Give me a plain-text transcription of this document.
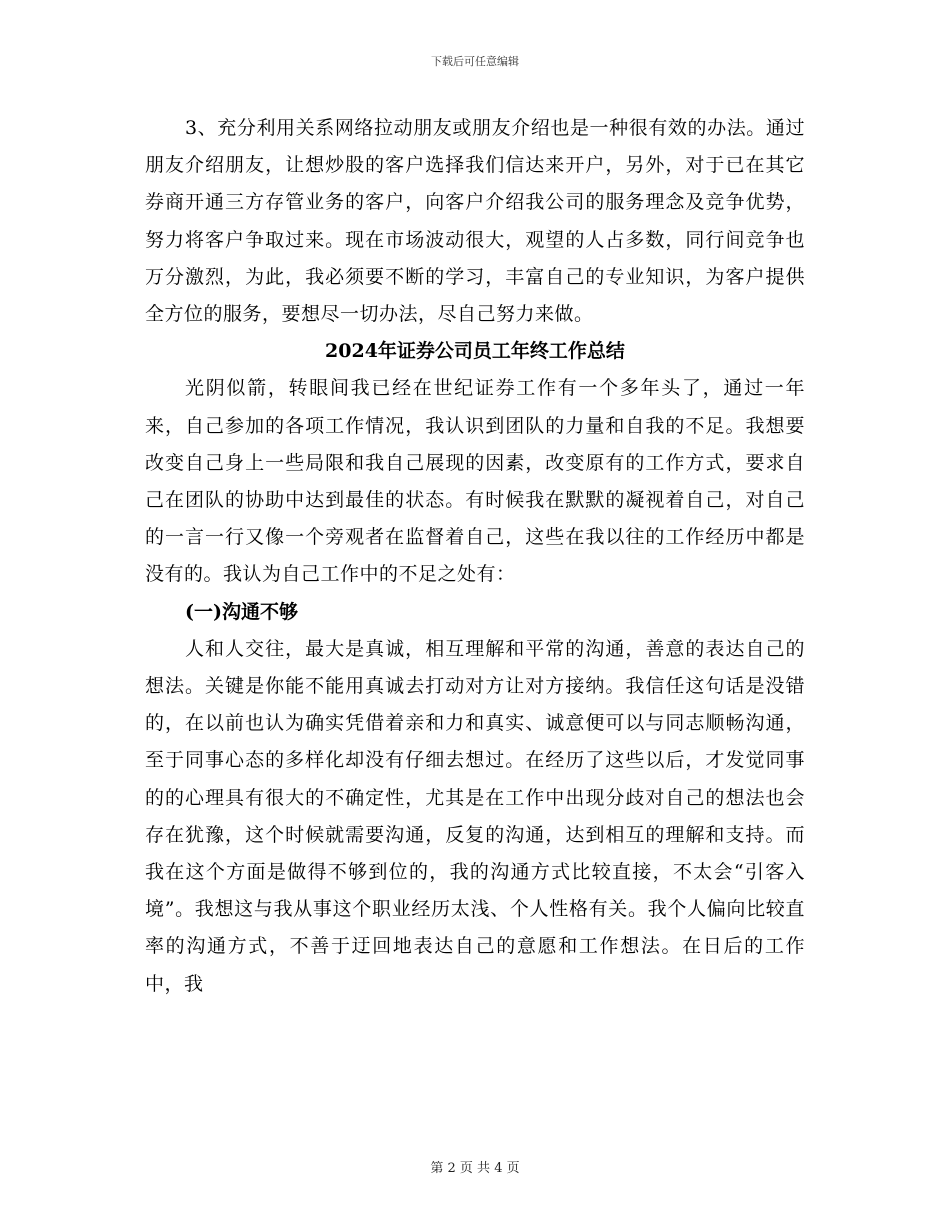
下载后可任意编辑

3、充分利用关系网络拉动朋友或朋友介绍也是一种很有效的办法。通过朋友介绍朋友，让想炒股的客户选择我们信达来开户，另外，对于已在其它券商开通三方存管业务的客户，向客户介绍我公司的服务理念及竞争优势，努力将客户争取过来。现在市场波动很大，观望的人占多数，同行间竞争也万分激烈，为此，我必须要不断的学习，丰富自己的专业知识，为客户提供全方位的服务，要想尽一切办法，尽自己努力来做。

2024年证券公司员工年终工作总结

光阴似箭，转眼间我已经在世纪证券工作有一个多年头了，通过一年来，自己参加的各项工作情况，我认识到团队的力量和自我的不足。我想要改变自己身上一些局限和我自己展现的因素，改变原有的工作方式，要求自己在团队的协助中达到最佳的状态。有时候我在默默的凝视着自己，对自己的一言一行又像一个旁观者在监督着自己，这些在我以往的工作经历中都是没有的。我认为自己工作中的不足之处有：

(一)沟通不够

人和人交往，最大是真诚，相互理解和平常的沟通，善意的表达自己的想法。关键是你能不能用真诚去打动对方让对方接纳。我信任这句话是没错的，在以前也认为确实凭借着亲和力和真实、诚意便可以与同志顺畅沟通，至于同事心态的多样化却没有仔细去想过。在经历了这些以后，才发觉同事的的心理具有很大的不确定性，尤其是在工作中出现分歧对自己的想法也会存在犹豫，这个时候就需要沟通，反复的沟通，达到相互的理解和支持。而我在这个方面是做得不够到位的，我的沟通方式比较直接，不太会“引客入境”。我想这与我从事这个职业经历太浅、个人性格有关。我个人偏向比较直率的沟通方式，不善于迂回地表达自己的意愿和工作想法。在日后的工作中，我

第 2 页 共 4 页
